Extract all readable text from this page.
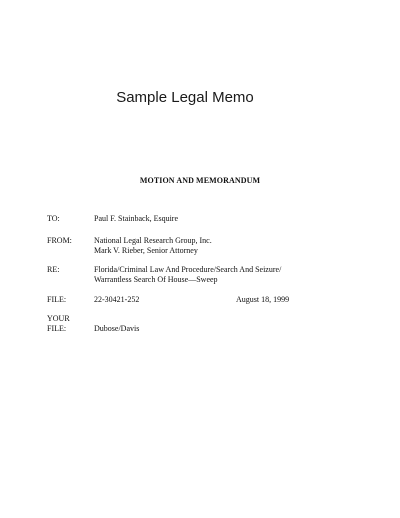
Sample Legal Memo
MOTION AND MEMORANDUM
TO:	Paul F. Stainback, Esquire
FROM:	National Legal Research Group, Inc.
Mark V. Rieber, Senior Attorney
RE:	Florida/Criminal Law And Procedure/Search And Seizure/
Warrantless Search Of House—Sweep
FILE:	22-30421-252	August 18, 1999
YOUR
FILE:	Dubose/Davis
